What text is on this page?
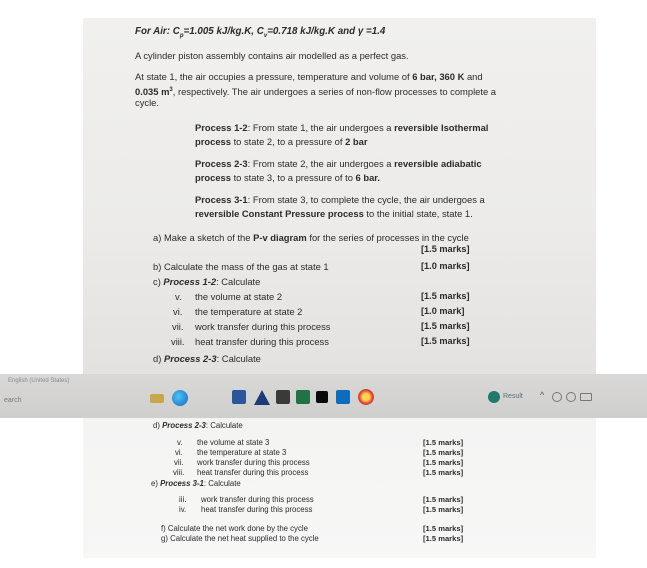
For Air: $C_p=1.005$ kJ/kg.K, $C_v=0.718$ kJ/kg.K and γ =1.4
A cylinder piston assembly contains air modelled as a perfect gas.
At state 1, the air occupies a pressure, temperature and volume of 6 bar, 360 K and
0.035 $m^3$, respectively. The air undergoes a series of non-flow processes to complete a
cycle.
Process 1-2: From state 1, the air undergoes a reversible Isothermal
process to state 2, to a pressure of 2 bar
Process 2-3: From state 2, the air undergoes a reversible adiabatic
process to state 3, to a pressure of to 6 bar.
Process 3-1: From state 3, to complete the cycle, the air undergoes a
reversible Constant Pressure process to the initial state, state 1.
a) Make a sketch of the P-v diagram for the series of processes in the cycle
[1.5 marks]
b) Calculate the mass of the gas at state 1	[1.0 marks]
c) Process 1-2: Calculate
v. the volume at state 2	[1.5 marks]
vi. the temperature at state 2	[1.0 mark]
vii. work transfer during this process	[1.5 marks]
viii. heat transfer during this process	[1.5 marks]
d) Process 2-3: Calculate
English (United States)
earch
Result ^
d) Process 2-3: Calculate
v. the volume at state 3	[1.5 marks]
vi. the temperature at state 3	[1.5 marks]
vii. work transfer during this process	[1.5 marks]
viii. heat transfer during this process	[1.5 marks]
e) Process 3-1: Calculate
iii. work transfer during this process	[1.5 marks]
iv. heat transfer during this process	[1.5 marks]
f) Calculate the net work done by the cycle	[1.5 marks]
g) Calculate the net heat supplied to the cycle	[1.5 marks]
